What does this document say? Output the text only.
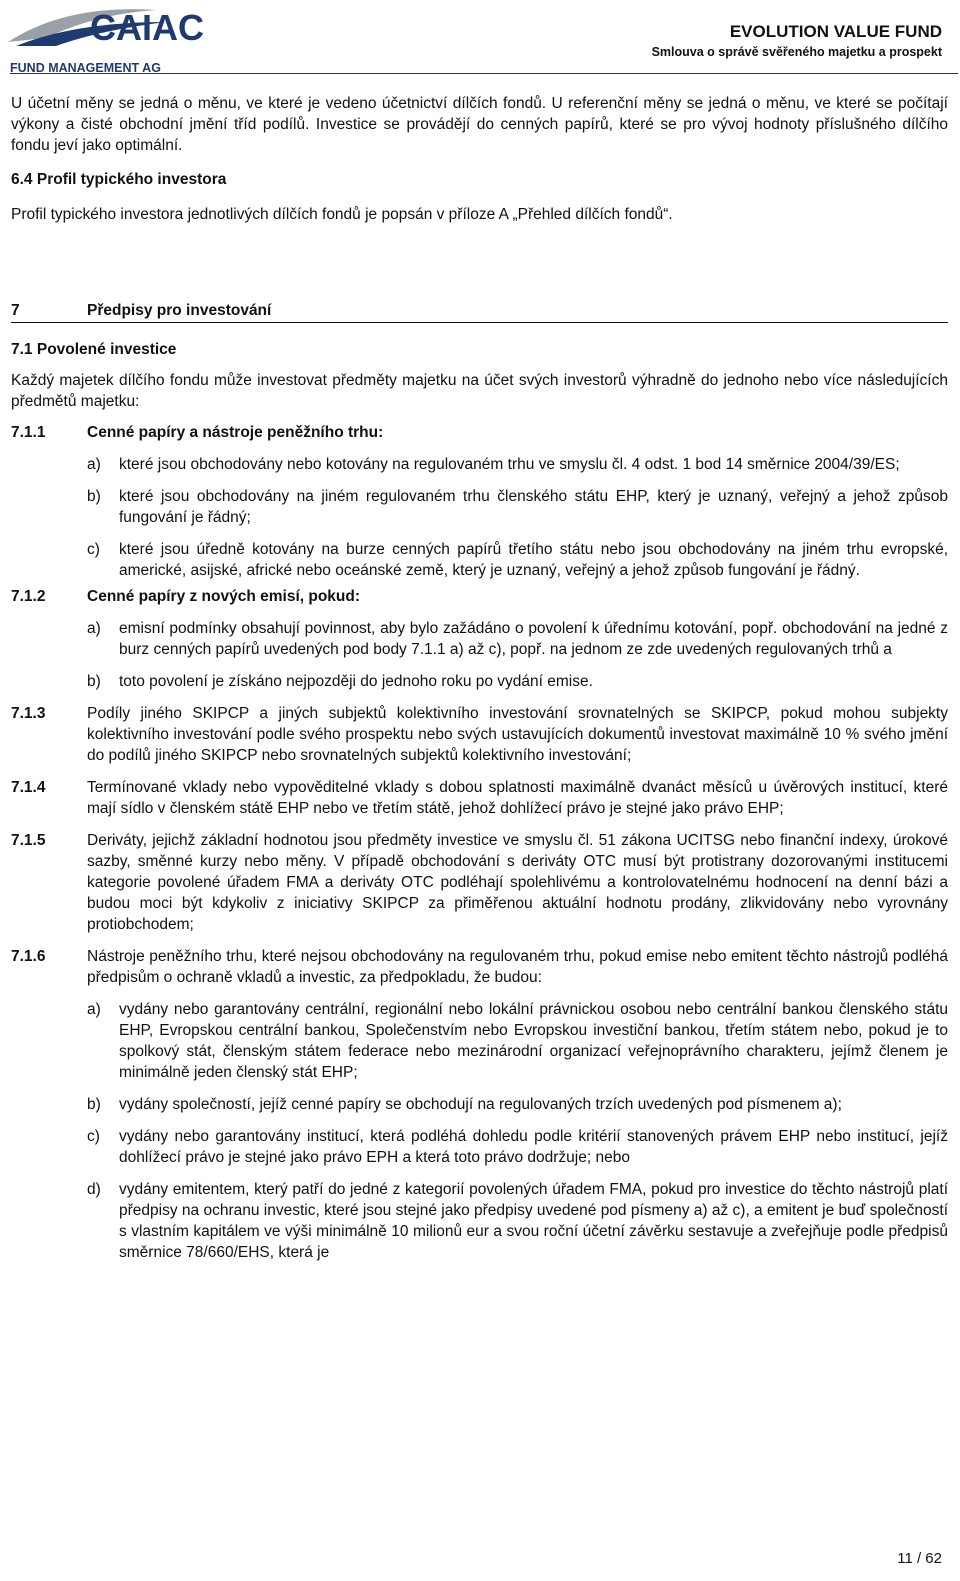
CAIAC
FUND MANAGEMENT AG
EVOLUTION VALUE FUND
Smlouva o správě svěřeného majetku a prospekt

U účetní měny se jedná o měnu, ve které je vedeno účetnictví dílčích fondů. U referenční měny se jedná o měnu, ve které se počítají výkony a čisté obchodní jmění tříd podílů. Investice se provádějí do cenných papírů, které se pro vývoj hodnoty příslušného dílčího fondu jeví jako optimální.

6.4 Profil typického investora

Profil typického investora jednotlivých dílčích fondů je popsán v příloze A „Přehled dílčích fondů“.

7	Předpisy pro investování

7.1 Povolené investice

Každý majetek dílčího fondu může investovat předměty majetku na účet svých investorů výhradně do jednoho nebo více následujících předmětů majetku:

7.1.1	Cenné papíry a nástroje peněžního trhu:
a)	které jsou obchodovány nebo kotovány na regulovaném trhu ve smyslu čl. 4 odst. 1 bod 14 směrnice 2004/39/ES;
b)	které jsou obchodovány na jiném regulovaném trhu členského státu EHP, který je uznaný, veřejný a jehož způsob fungování je řádný;
c)	které jsou úředně kotovány na burze cenných papírů třetího státu nebo jsou obchodovány na jiném trhu evropské, americké, asijské, africké nebo oceánské země, který je uznaný, veřejný a jehož způsob fungování je řádný.
7.1.2	Cenné papíry z nových emisí, pokud:
a)	emisní podmínky obsahují povinnost, aby bylo zažádáno o povolení k úřednímu kotování, popř. obchodování na jedné z burz cenných papírů uvedených pod body 7.1.1 a) až c), popř. na jednom ze zde uvedených regulovaných trhů a
b)	toto povolení je získáno nejpozději do jednoho roku po vydání emise.
7.1.3	Podíly jiného SKIPCP a jiných subjektů kolektivního investování srovnatelných se SKIPCP, pokud mohou subjekty kolektivního investování podle svého prospektu nebo svých ustavujících dokumentů investovat maximálně 10 % svého jmění do podílů jiného SKIPCP nebo srovnatelných subjektů kolektivního investování;
7.1.4	Termínované vklady nebo vypověditelné vklady s dobou splatnosti maximálně dvanáct měsíců u úvěrových institucí, které mají sídlo v členském státě EHP nebo ve třetím státě, jehož dohlížecí právo je stejné jako právo EHP;
7.1.5	Deriváty, jejichž základní hodnotou jsou předměty investice ve smyslu čl. 51 zákona UCITSG nebo finanční indexy, úrokové sazby, směnné kurzy nebo měny. V případě obchodování s deriváty OTC musí být protistrany dozorovanými institucemi kategorie povolené úřadem FMA a deriváty OTC podléhají spolehlivému a kontrolovatelnému hodnocení na denní bázi a budou moci být kdykoliv z iniciativy SKIPCP za přiměřenou aktuální hodnotu prodány, zlikvidovány nebo vyrovnány protiobchodem;
7.1.6	Nástroje peněžního trhu, které nejsou obchodovány na regulovaném trhu, pokud emise nebo emitent těchto nástrojů podléhá předpisům o ochraně vkladů a investic, za předpokladu, že budou:
a)	vydány nebo garantovány centrální, regionální nebo lokální právnickou osobou nebo centrální bankou členského státu EHP, Evropskou centrální bankou, Společenstvím nebo Evropskou investiční bankou, třetím státem nebo, pokud je to spolkový stát, členským státem federace nebo mezinárodní organizací veřejnoprávního charakteru, jejímž členem je minimálně jeden členský stát EHP;
b)	vydány společností, jejíž cenné papíry se obchodují na regulovaných trzích uvedených pod písmenem a);
c)	vydány nebo garantovány institucí, která podléhá dohledu podle kritérií stanovených právem EHP nebo institucí, jejíž dohlížecí právo je stejné jako právo EPH a která toto právo dodržuje; nebo
d)	vydány emitentem, který patří do jedné z kategorií povolených úřadem FMA, pokud pro investice do těchto nástrojů platí předpisy na ochranu investic, které jsou stejné jako předpisy uvedené pod písmeny a) až c), a emitent je buď společností s vlastním kapitálem ve výši minimálně 10 milionů eur a svou roční účetní závěrku sestavuje a zveřejňuje podle předpisů směrnice 78/660/EHS, která je
11 / 62
